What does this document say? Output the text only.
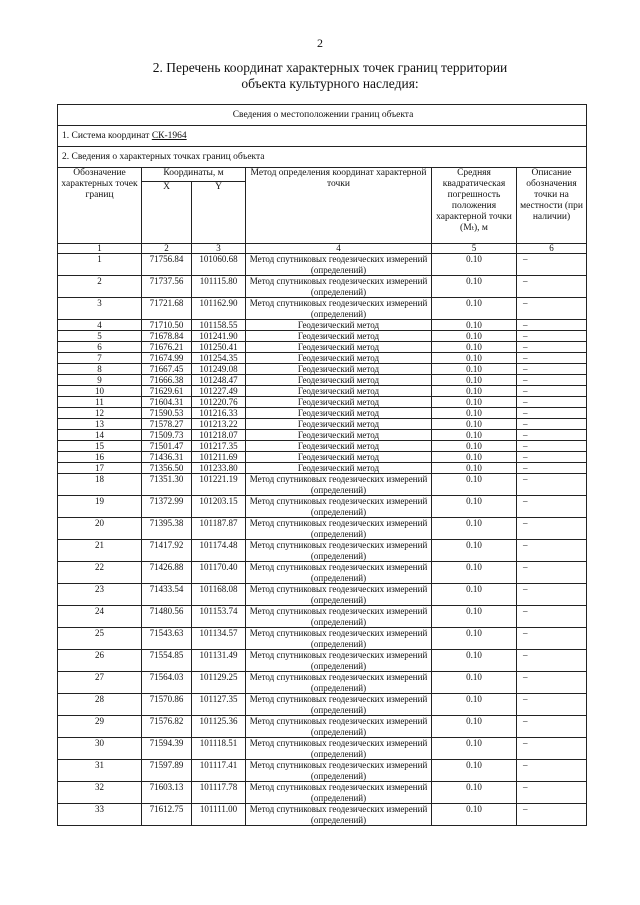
2
2. Перечень координат характерных точек границ территории
объекта культурного наследия:
Сведения о местоположении границ объекта					
1. Система координат СК-1964					
2. Сведения о характерных точках границ объекта					
Обозначение характерных точек границ	Координаты, м		Метод определения координат характерной точки	Средняя квадратическая погрешность положения характерной точки (Mₜ), м	Описание обозначения точки на местности (при наличии)
	X	Y			
1	2	3	4	5	6
1	71756.84	101060.68	Метод спутниковых геодезических измерений (определений)	0.10	–
2	71737.56	101115.80	Метод спутниковых геодезических измерений (определений)	0.10	–
3	71721.68	101162.90	Метод спутниковых геодезических измерений (определений)	0.10	–
4	71710.50	101158.55	Геодезический метод	0.10	–
5	71678.84	101241.90	Геодезический метод	0.10	–
6	71676.21	101250.41	Геодезический метод	0.10	–
7	71674.99	101254.35	Геодезический метод	0.10	–
8	71667.45	101249.08	Геодезический метод	0.10	–
9	71666.38	101248.47	Геодезический метод	0.10	–
10	71629.61	101227.49	Геодезический метод	0.10	–
11	71604.31	101220.76	Геодезический метод	0.10	–
12	71590.53	101216.33	Геодезический метод	0.10	–
13	71578.27	101213.22	Геодезический метод	0.10	–
14	71509.73	101218.07	Геодезический метод	0.10	–
15	71501.47	101217.35	Геодезический метод	0.10	–
16	71436.31	101211.69	Геодезический метод	0.10	–
17	71356.50	101233.80	Геодезический метод	0.10	–
18	71351.30	101221.19	Метод спутниковых геодезических измерений (определений)	0.10	–
19	71372.99	101203.15	Метод спутниковых геодезических измерений (определений)	0.10	–
20	71395.38	101187.87	Метод спутниковых геодезических измерений (определений)	0.10	–
21	71417.92	101174.48	Метод спутниковых геодезических измерений (определений)	0.10	–
22	71426.88	101170.40	Метод спутниковых геодезических измерений (определений)	0.10	–
23	71433.54	101168.08	Метод спутниковых геодезических измерений (определений)	0.10	–
24	71480.56	101153.74	Метод спутниковых геодезических измерений (определений)	0.10	–
25	71543.63	101134.57	Метод спутниковых геодезических измерений (определений)	0.10	–
26	71554.85	101131.49	Метод спутниковых геодезических измерений (определений)	0.10	–
27	71564.03	101129.25	Метод спутниковых геодезических измерений (определений)	0.10	–
28	71570.86	101127.35	Метод спутниковых геодезических измерений (определений)	0.10	–
29	71576.82	101125.36	Метод спутниковых геодезических измерений (определений)	0.10	–
30	71594.39	101118.51	Метод спутниковых геодезических измерений (определений)	0.10	–
31	71597.89	101117.41	Метод спутниковых геодезических измерений (определений)	0.10	–
32	71603.13	101117.78	Метод спутниковых геодезических измерений (определений)	0.10	–
33	71612.75	101111.00	Метод спутниковых геодезических измерений (определений)	0.10	–
